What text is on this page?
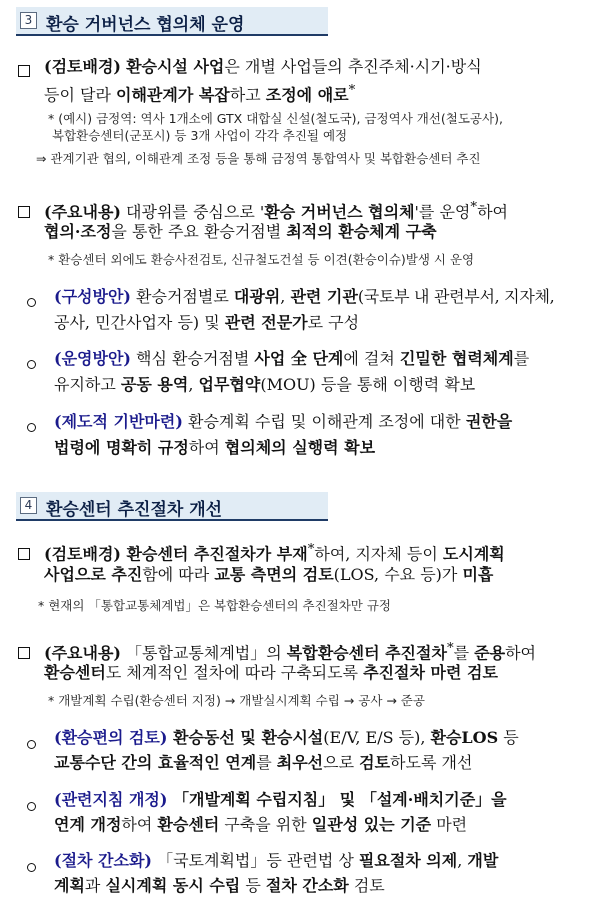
3 환승 거버넌스 협의체 운영
(검토배경) 환승시설 사업은 개별 사업들의 추진주체·시기·방식
등이 달라 이해관계가 복잡하고 조정에 애로*
* (예시) 금정역: 역사 1개소에 GTX 대합실 신설(철도국), 금정역사 개선(철도공사),
복합환승센터(군포시) 등 3개 사업이 각각 추진될 예정
⇒ 관계기관 협의, 이해관계 조정 등을 통해 금정역 통합역사 및 복합환승센터 추진
(주요내용) 대광위를 중심으로 '환승 거버넌스 협의체'를 운영*하여
협의·조정을 통한 주요 환승거점별 최적의 환승체계 구축
* 환승센터 외에도 환승사전검토, 신규철도건설 등 이견(환승이슈)발생 시 운영
(구성방안) 환승거점별로 대광위, 관련 기관(국토부 내 관련부서, 지자체,
공사, 민간사업자 등) 및 관련 전문가로 구성
(운영방안) 핵심 환승거점별 사업 全 단계에 걸쳐 긴밀한 협력체계를
유지하고 공동 용역, 업무협약(MOU) 등을 통해 이행력 확보
(제도적 기반마련) 환승계획 수립 및 이해관계 조정에 대한 권한을
법령에 명확히 규정하여 협의체의 실행력 확보
4 환승센터 추진절차 개선
(검토배경) 환승센터 추진절차가 부재*하여, 지자체 등이 도시계획
사업으로 추진함에 따라 교통 측면의 검토(LOS, 수요 등)가 미흡
* 현재의 「통합교통체계법」은 복합환승센터의 추진절차만 규정
(주요내용) 「통합교통체계법」의 복합환승센터 추진절차*를 준용하여
환승센터도 체계적인 절차에 따라 구축되도록 추진절차 마련 검토
* 개발계획 수립(환승센터 지정) → 개발실시계획 수립 → 공사 → 준공
(환승편의 검토) 환승동선 및 환승시설(E/V, E/S 등), 환승LOS 등
교통수단 간의 효율적인 연계를 최우선으로 검토하도록 개선
(관련지침 개정) 「개발계획 수립지침」 및 「설계·배치기준」을
연계 개정하여 환승센터 구축을 위한 일관성 있는 기준 마련
(절차 간소화) 「국토계획법」등 관련법 상 필요절차 의제, 개발
계획과 실시계획 동시 수립 등 절차 간소화 검토
